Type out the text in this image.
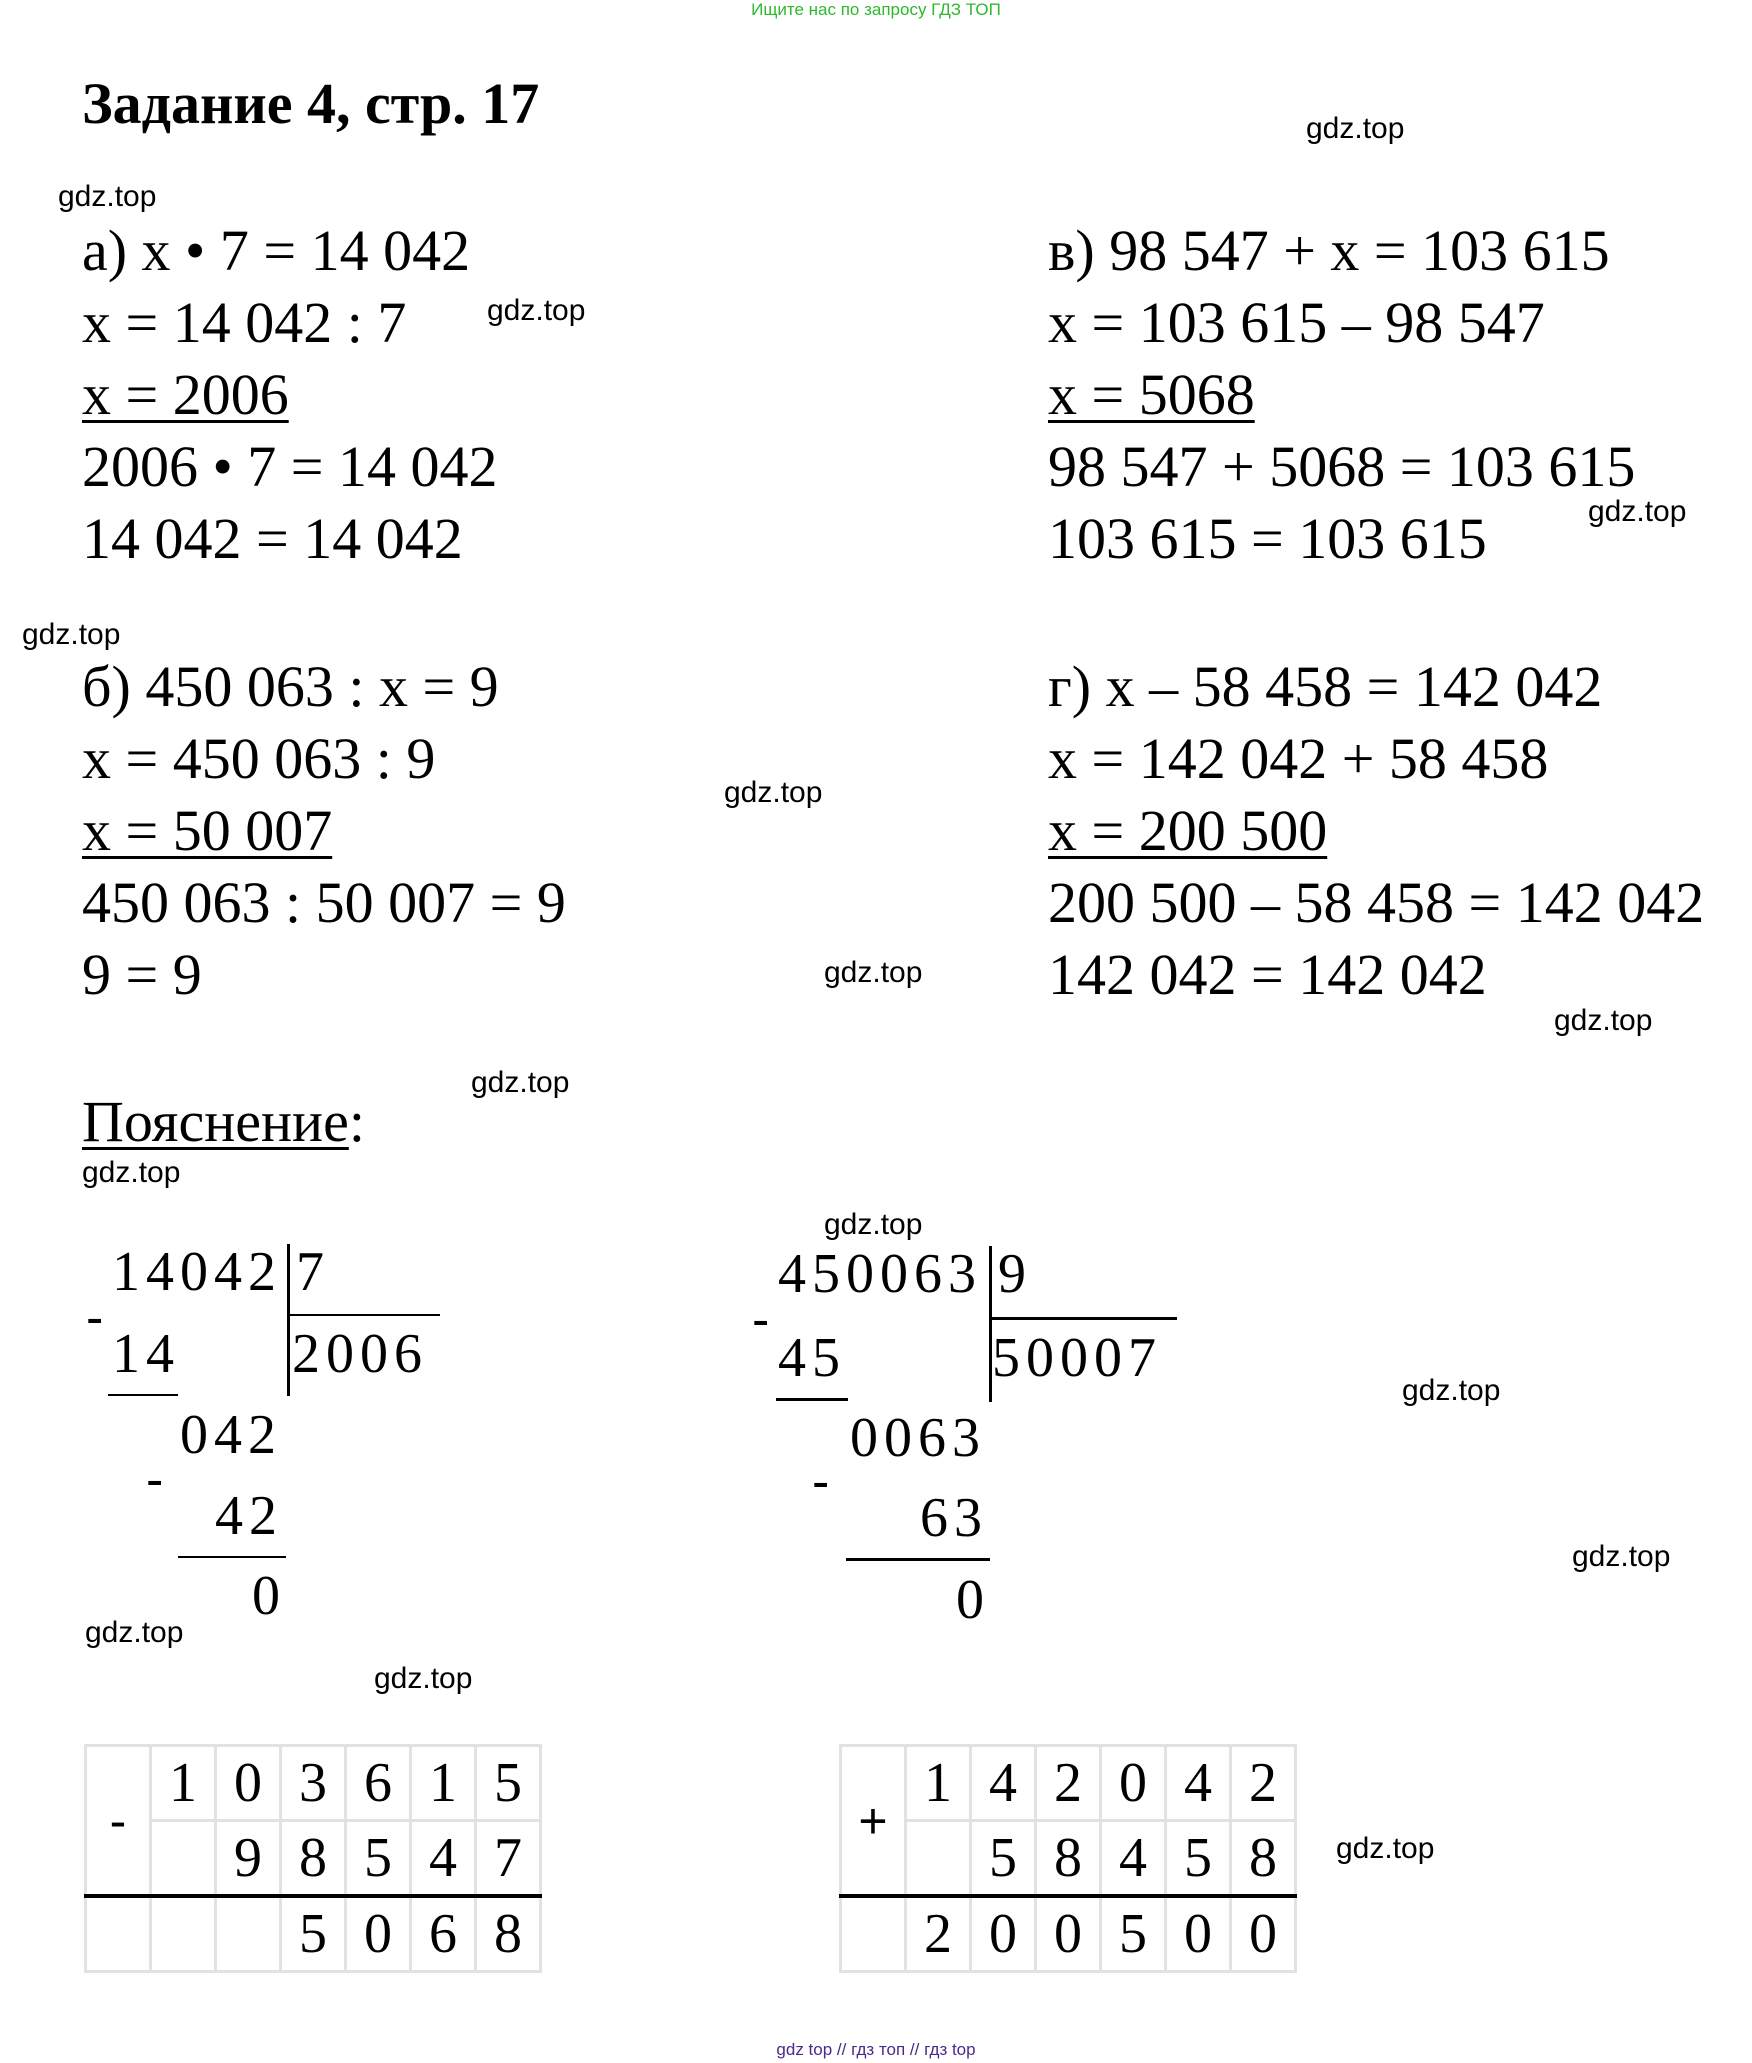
Ищите нас по запросу ГДЗ ТОП
Задание 4, стр. 17	gdz.top
gdz.top
gdz.top
gdz.top
gdz.top
gdz.top
gdz.top
gdz.top
gdz.top
gdz.top
gdz.top
gdz.top
gdz.top
gdz.top
gdz.top
gdz.top
а) x • 7 = 14 042
x = 14 042 : 7
x = 2006
2006 • 7 = 14 042
14 042 = 14 042
в) 98 547 + x = 103 615
x = 103 615 – 98 547
x = 5068
98 547 + 5068 = 103 615
103 615 = 103 615
б) 450 063 : x = 9
x = 450 063 : 9
x = 50 007
450 063 : 50 007 = 9
9 = 9
г) x – 58 458 = 142 042
x = 142 042 + 58 458
x = 200 500
200 500 – 58 458 = 142 042
142 042 = 142 042
Пояснение:
14042 7
-
14 2006
042
-
42
0
450063 9
-
45	50007
0063
-
63
0
-	1	0	3	6	1	5
		9	8	5	4	7
			5	0	6	8
+	1	4	2	0	4	2
		5	8	4	5	8
	2	0	0	5	0	0
gdz top // гдз топ // гдз top
